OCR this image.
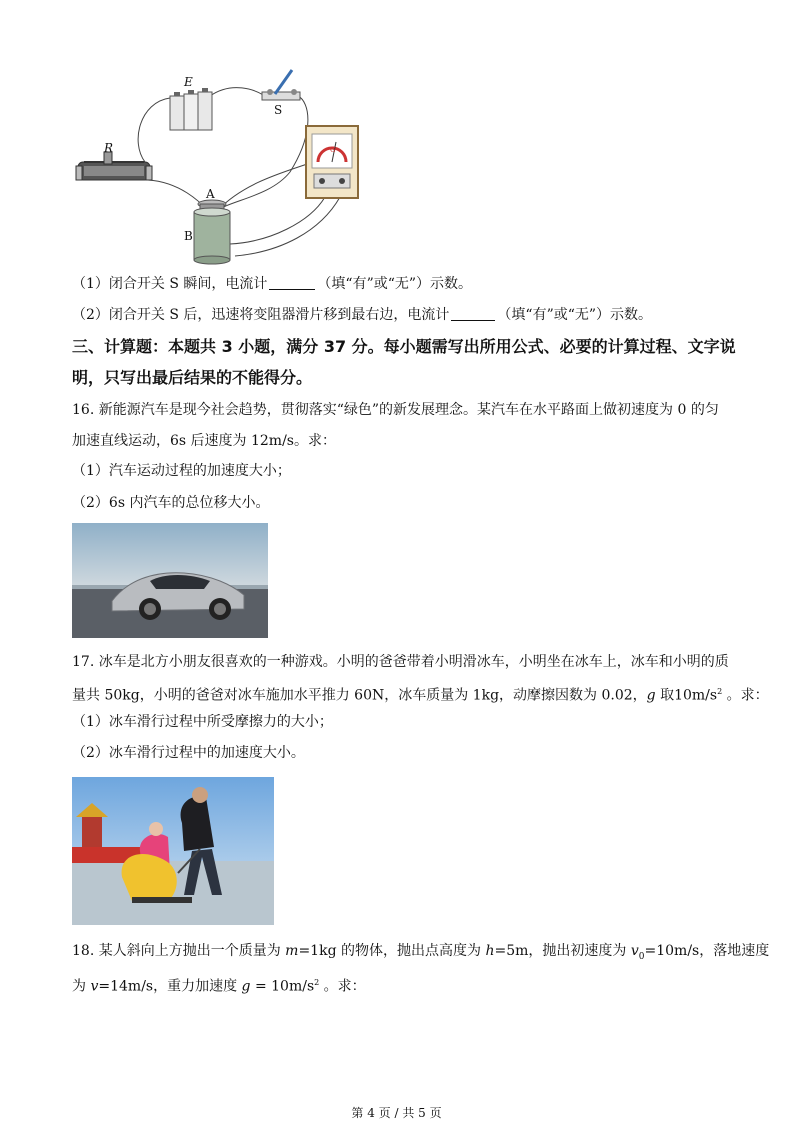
E
S
R
A
B
G
（1）闭合开关 S 瞬间，电流计	（填“有”或“无”）示数。
（2）闭合开关 S 后，迅速将变阻器滑片移到最右边，电流计	（填“有”或“无”）示数。
三、计算题：本题共 3 小题，满分 37 分。每小题需写出所用公式、必要的计算过程、文字说
明，只写出最后结果的不能得分。
16. 新能源汽车是现今社会趋势，贯彻落实“绿色”的新发展理念。某汽车在水平路面上做初速度为 0 的匀
加速直线运动，6s 后速度为 12m/s。求：
（1）汽车运动过程的加速度大小；
（2）6s 内汽车的总位移大小。
17. 冰车是北方小朋友很喜欢的一种游戏。小明的爸爸带着小明滑冰车，小明坐在冰车上，冰车和小明的质
量共 50kg，小明的爸爸对冰车施加水平推力 60N，冰车质量为 1kg，动摩擦因数为 0.02，g 取$10m/s^2$ 。求：
（1）冰车滑行过程中所受摩擦力的大小；
（2）冰车滑行过程中的加速度大小。
18. 某人斜向上方抛出一个质量为 m=1kg 的物体，抛出点高度为 h=5m，抛出初速度为 $v_0=10m/s$，落地速度
为 v=14m/s，重力加速度 $g = 10m/s^2$ 。求：
第 4 页 / 共 5 页
